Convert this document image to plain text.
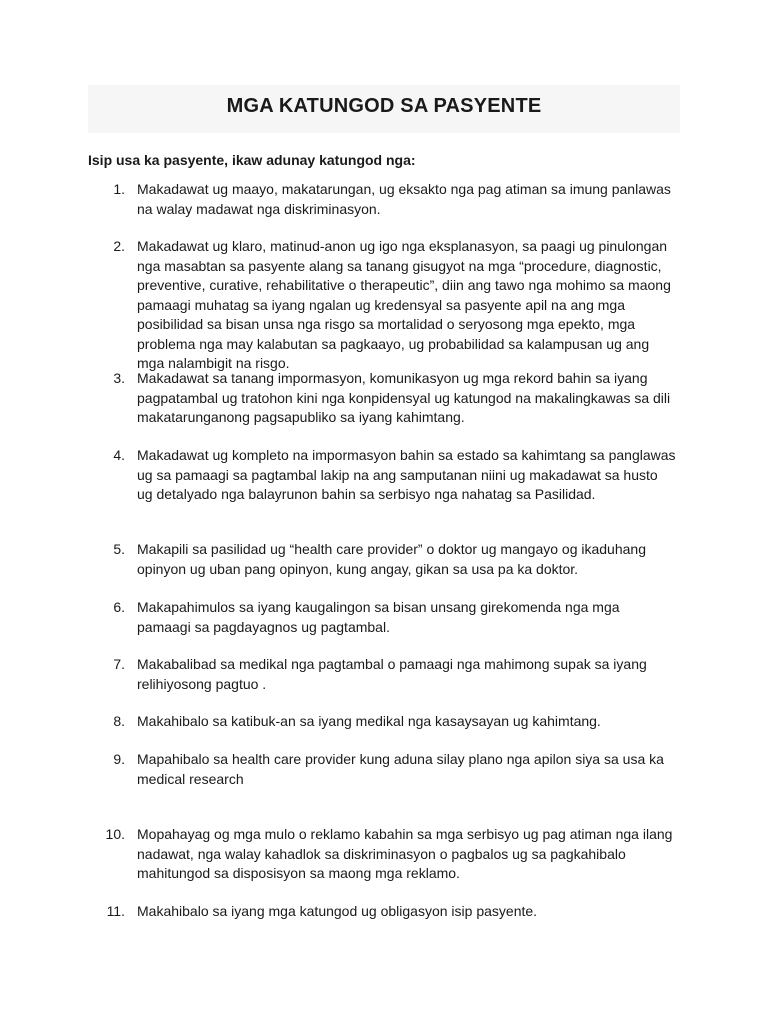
MGA KATUNGOD SA PASYENTE
Isip usa ka pasyente, ikaw adunay katungod nga:
1. Makadawat ug maayo, makatarungan, ug eksakto nga pag atiman sa imung panlawas na walay madawat nga diskriminasyon.
2. Makadawat ug klaro, matinud-anon ug igo nga eksplanasyon, sa paagi ug pinulongan nga masabtan sa pasyente alang sa tanang gisugyot na mga “procedure, diagnostic, preventive, curative, rehabilitative o therapeutic”, diin ang tawo nga mohimo sa maong pamaagi muhatag sa iyang ngalan ug kredensyal sa pasyente apil na ang mga posibilidad sa bisan unsa nga risgo sa mortalidad o seryosong mga epekto, mga problema nga may kalabutan sa pagkaayo, ug probabilidad sa kalampusan ug ang mga nalambigit na risgo.
3. Makadawat sa tanang impormasyon, komunikasyon ug mga rekord bahin sa iyang pagpatambal ug tratohon kini nga konpidensyal ug katungod na makalingkawas sa dili makatarunganong pagsapubliko sa iyang kahimtang.
4. Makadawat ug kompleto na impormasyon bahin sa estado sa kahimtang sa panglawas ug sa pamaagi sa pagtambal lakip na ang samputanan niini ug makadawat sa husto ug detalyado nga balayrunon bahin sa serbisyo nga nahatag sa Pasilidad.
5. Makapili sa pasilidad ug “health care provider” o doktor ug mangayo og ikaduhang opinyon ug uban pang opinyon, kung angay, gikan sa usa pa ka doktor.
6. Makapahimulos sa iyang kaugalingon sa bisan unsang girekomenda nga mga pamaagi sa pagdayagnos ug pagtambal.
7. Makabalibad sa medikal nga pagtambal o pamaagi nga mahimong supak sa iyang relihiyosong pagtuo .
8. Makahibalo sa katibuk-an sa iyang medikal nga kasaysayan ug kahimtang.
9. Mapahibalo sa health care provider kung aduna silay plano nga apilon siya sa usa ka medical research
10. Mopahayag og mga mulo o reklamo kabahin sa mga serbisyo ug pag atiman nga ilang nadawat, nga walay kahadlok sa diskriminasyon o pagbalos ug sa pagkahibalo mahitungod sa disposisyon sa maong mga reklamo.
11. Makahibalo sa iyang mga katungod ug obligasyon isip pasyente.
